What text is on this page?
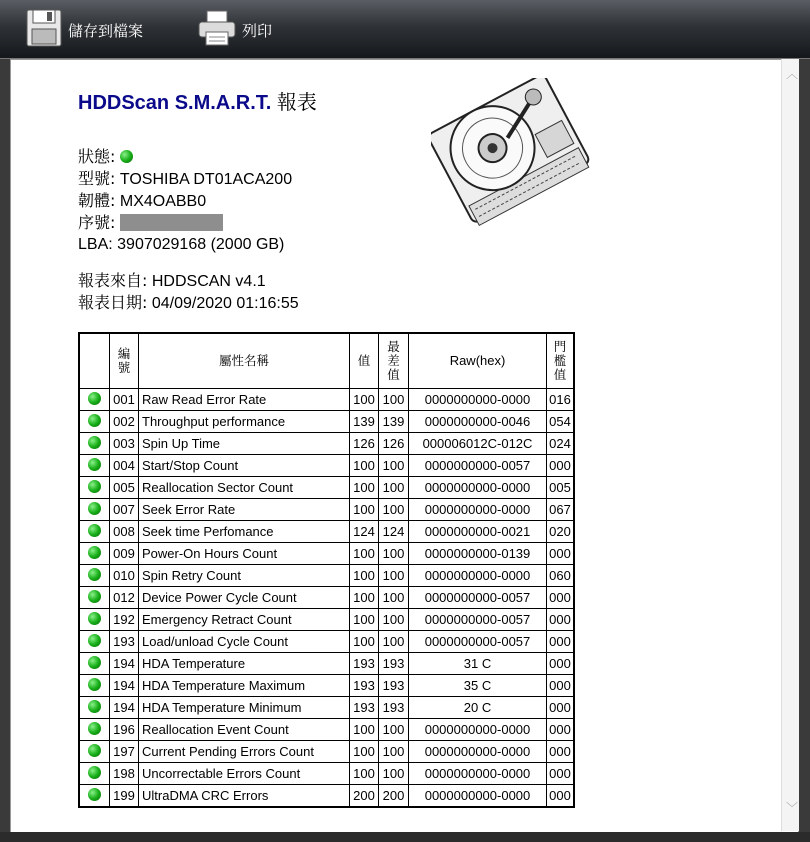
儲存到檔案	列印
HDDScan S.M.A.R.T. 報表
狀態:
型號: TOSHIBA DT01ACA200
韌體: MX4OABB0
序號:
LBA: 3907029168 (2000 GB)
報表來自: HDDSCAN v4.1
報表日期: 04/09/2020 01:16:55
	編號	屬性名稱	值	最差值	Raw(hex)	門檻值
	001	Raw Read Error Rate	100	100	0000000000-0000	016
	002	Throughput performance	139	139	0000000000-0046	054
	003	Spin Up Time	126	126	000006012C-012C	024
	004	Start/Stop Count	100	100	0000000000-0057	000
	005	Reallocation Sector Count	100	100	0000000000-0000	005
	007	Seek Error Rate	100	100	0000000000-0000	067
	008	Seek time Perfomance	124	124	0000000000-0021	020
	009	Power-On Hours Count	100	100	0000000000-0139	000
	010	Spin Retry Count	100	100	0000000000-0000	060
	012	Device Power Cycle Count	100	100	0000000000-0057	000
	192	Emergency Retract Count	100	100	0000000000-0057	000
	193	Load/unload Cycle Count	100	100	0000000000-0057	000
	194	HDA Temperature	193	193	31 C	000
	194	HDA Temperature Maximum	193	193	35 C	000
	194	HDA Temperature Minimum	193	193	20 C	000
	196	Reallocation Event Count	100	100	0000000000-0000	000
	197	Current Pending Errors Count	100	100	0000000000-0000	000
	198	Uncorrectable Errors Count	100	100	0000000000-0000	000
	199	UltraDMA CRC Errors	200	200	0000000000-0000	000
︿
﹀
